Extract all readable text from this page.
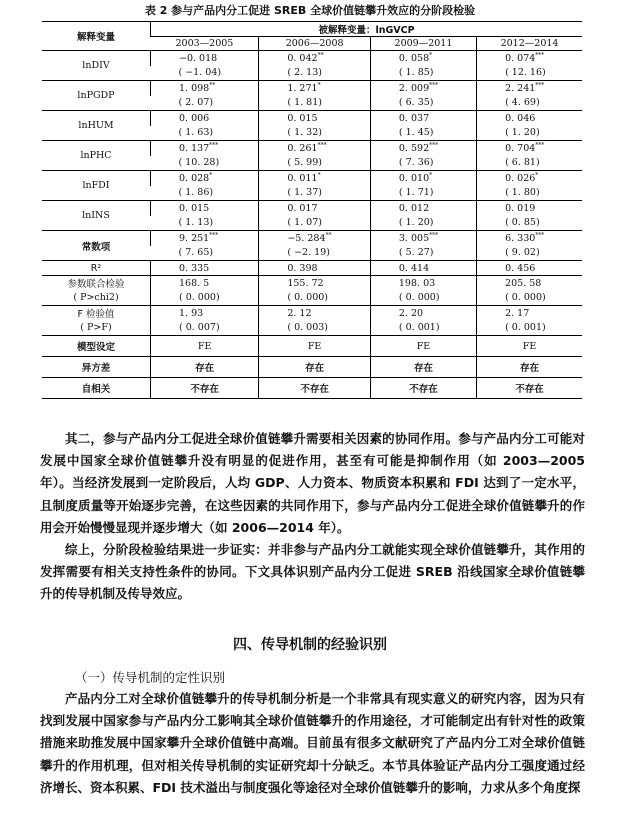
表 2 参与产品内分工促进 SREB 全球价值链攀升效应的分阶段检验
解释变量	被解释变量：lnGVCP			
	2003—2005	2006—2008	2009—2011	2012—2014
lnDIV	−0. 018	0. 042**	0. 058*	0. 074***
	( −1. 04)	( 2. 13)	( 1. 85)	( 12. 16)
lnPGDP	1. 098**	1. 271*	2. 009***	2. 241***
	( 2. 07)	( 1. 81)	( 6. 35)	( 4. 69)
lnHUM	0. 006	0. 015	0. 037	0. 046
	( 1. 63)	( 1. 32)	( 1. 45)	( 1. 20)
lnPHC	0. 137***	0. 261***	0. 592***	0. 704***
	( 10. 28)	( 5. 99)	( 7. 36)	( 6. 81)
lnFDI	0. 028*	0. 011*	0. 010*	0. 026*
	( 1. 86)	( 1. 37)	( 1. 71)	( 1. 80)
lnINS	0. 015	0. 017	0. 012	0. 019
	( 1. 13)	( 1. 07)	( 1. 20)	( 0. 85)
常数项	9. 251***	−5. 284**	3. 005***	6. 330***
	( 7. 65)	( −2. 19)	( 5. 27)	( 9. 02)
R²	0. 335	0. 398	0. 414	0. 456
参数联合检验	168. 5	155. 72	198. 03	205. 58
( P>chi2)	( 0. 000)	( 0. 000)	( 0. 000)	( 0. 000)
F 检验值	1. 93	2. 12	2. 20	2. 17
( P>F)	( 0. 007)	( 0. 003)	( 0. 001)	( 0. 001)
模型设定	FE	FE	FE	FE
异方差	存在	存在	存在	存在
自相关	不存在	不存在	不存在	不存在

其二，参与产品内分工促进全球价值链攀升需要相关因素的协同作用。参与产品内分工可能对发展中国家全球价值链攀升没有明显的促进作用，甚至有可能是抑制作用（如 2003—2005 年）。当经济发展到一定阶段后，人均 GDP、人力资本、物质资本积累和 FDI 达到了一定水平，且制度质量等开始逐步完善，在这些因素的共同作用下，参与产品内分工促进全球价值链攀升的作用会开始慢慢显现并逐步增大（如 2006—2014 年）。

综上，分阶段检验结果进一步证实：并非参与产品内分工就能实现全球价值链攀升，其作用的发挥需要有相关支持性条件的协同。下文具体识别产品内分工促进 SREB 沿线国家全球价值链攀升的传导机制及传导效应。

四、传导机制的经验识别
（一）传导机制的定性识别

产品内分工对全球价值链攀升的传导机制分析是一个非常具有现实意义的研究内容，因为只有找到发展中国家参与产品内分工影响其全球价值链攀升的作用途径，才可能制定出有针对性的政策措施来助推发展中国家攀升全球价值链中高端。目前虽有很多文献研究了产品内分工对全球价值链攀升的作用机理，但对相关传导机制的实证研究却十分缺乏。本节具体验证产品内分工强度通过经济增长、资本积累、FDI 技术溢出与制度强化等途径对全球价值链攀升的影响，力求从多个角度探
